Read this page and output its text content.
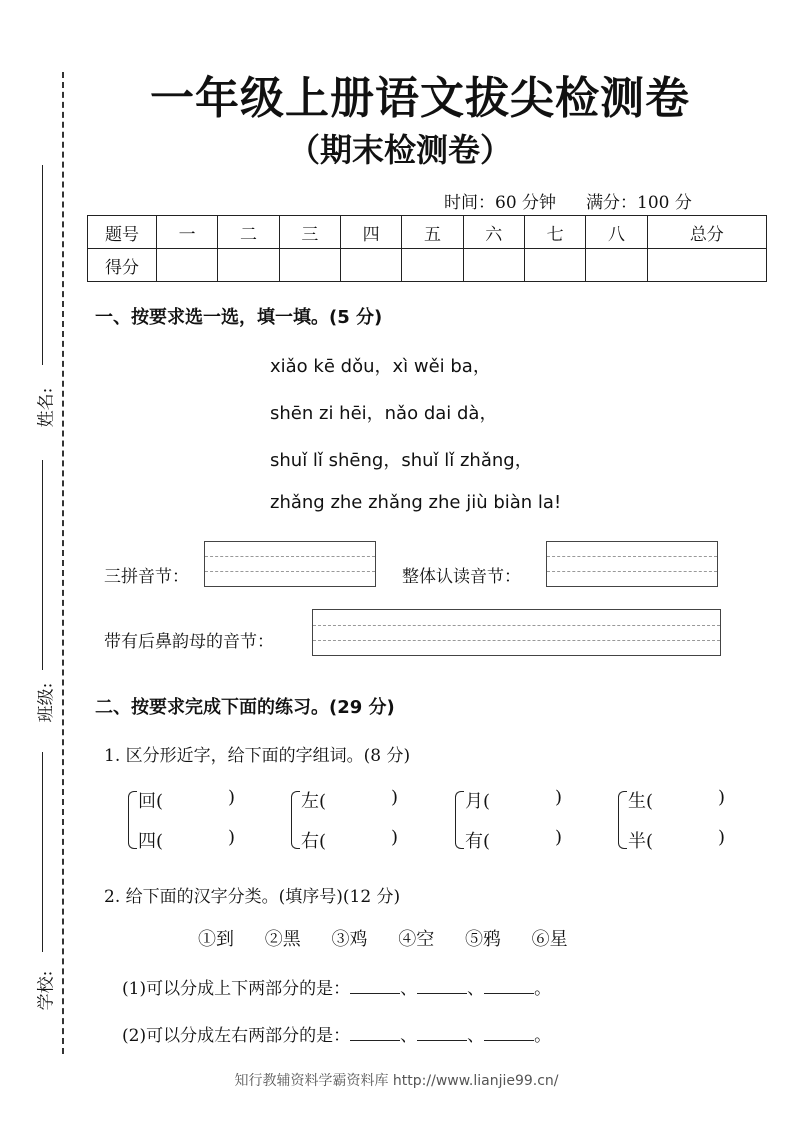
姓名:
班级:
学校:
一年级上册语文拔尖检测卷
（期末检测卷）
时间：60 分钟 满分：100 分
题号	一	二	三	四	五	六	七	八	总分
得分									
一、按要求选一选，填一填。(5 分)
xiǎo kē dǒu，xì wěi ba，
shēn zi hēi，nǎo dai dà，
shuǐ lǐ shēng，shuǐ lǐ zhǎng，
zhǎng zhe zhǎng zhe jiù biàn la!
三拼音节：	整体认读音节：
带有后鼻韵母的音节：
二、按要求完成下面的练习。(29 分)
1. 区分形近字，给下面的字组词。(8 分)
回(	)
四(	)
左(	)
右(	)
月(	)
有(	)
生(	)
半(	)
2. 给下面的汉字分类。(填序号)(12 分)
①到 ②黑 ③鸡 ④空 ⑤鸦 ⑥星
(1)可以分成上下两部分的是：	、	、	。
(2)可以分成左右两部分的是：	、	、	。
知行教辅资料学霸资料库 http://www.lianjie99.cn/
